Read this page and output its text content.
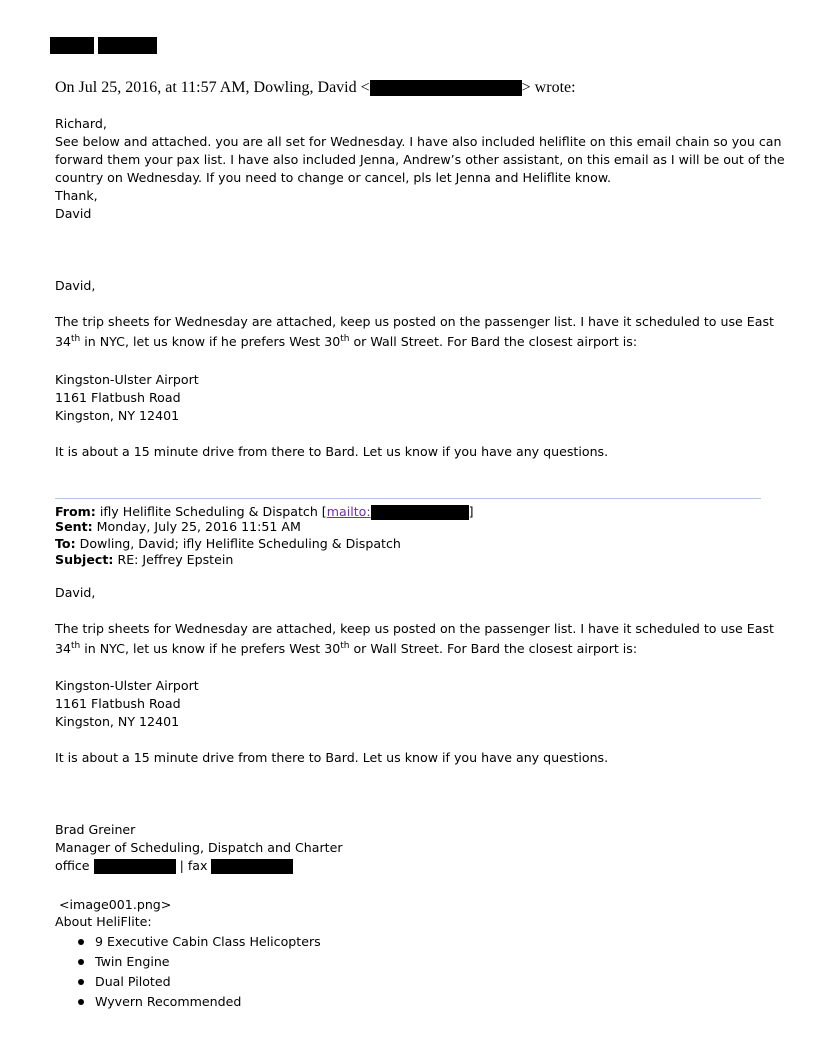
On Jul 25, 2016, at 11:57 AM, Dowling, David <	> wrote:
Richard,
See below and attached. you are all set for Wednesday. I have also included heliflite on this email chain so you can
forward them your pax list. I have also included Jenna, Andrew’s other assistant, on this email as I will be out of the
country on Wednesday. If you need to change or cancel, pls let Jenna and Heliflite know.
Thank,
David
David,
The trip sheets for Wednesday are attached, keep us posted on the passenger list. I have it scheduled to use East
34th in NYC, let us know if he prefers West 30th or Wall Street. For Bard the closest airport is:
Kingston-Ulster Airport
1161 Flatbush Road
Kingston, NY 12401
It is about a 15 minute drive from there to Bard. Let us know if you have any questions.
From: ifly Heliflite Scheduling & Dispatch [mailto:	]
Sent: Monday, July 25, 2016 11:51 AM
To: Dowling, David; ifly Heliflite Scheduling & Dispatch
Subject: RE: Jeffrey Epstein
David,
The trip sheets for Wednesday are attached, keep us posted on the passenger list. I have it scheduled to use East
34th in NYC, let us know if he prefers West 30th or Wall Street. For Bard the closest airport is:
Kingston-Ulster Airport
1161 Flatbush Road
Kingston, NY 12401
It is about a 15 minute drive from there to Bard. Let us know if you have any questions.
Brad Greiner
Manager of Scheduling, Dispatch and Charter
office	| fax
<image001.png>
About HeliFlite:
9 Executive Cabin Class Helicopters
Twin Engine
Dual Piloted
Wyvern Recommended
